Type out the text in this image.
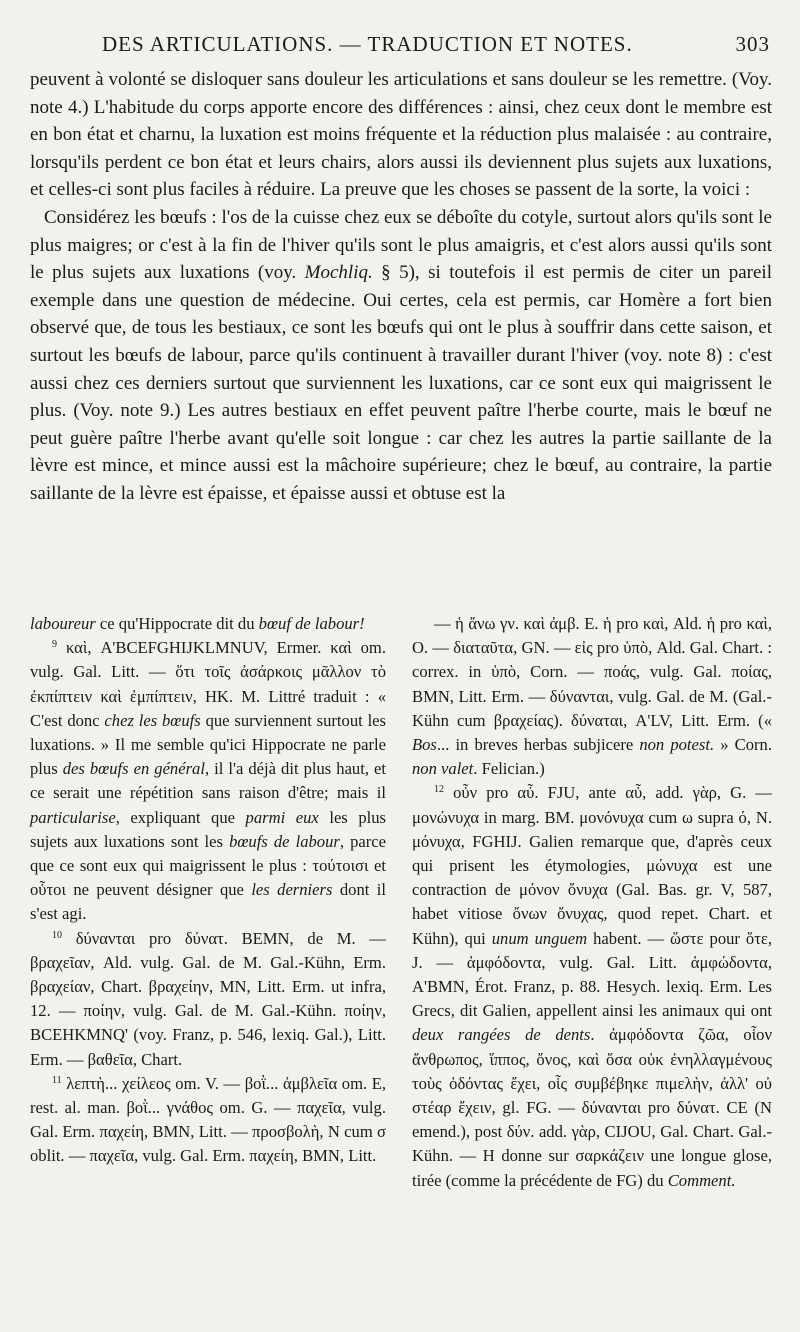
DES ARTICULATIONS. — TRADUCTION ET NOTES.	303

peuvent à volonté se disloquer sans douleur les articulations et sans douleur se les remettre. (Voy. note 4.) L'habitude du corps apporte encore des différences : ainsi, chez ceux dont le membre est en bon état et charnu, la luxation est moins fréquente et la réduction plus malaisée : au contraire, lorsqu'ils perdent ce bon état et leurs chairs, alors aussi ils deviennent plus sujets aux luxations, et celles-ci sont plus faciles à réduire. La preuve que les choses se passent de la sorte, la voici :

Considérez les bœufs : l'os de la cuisse chez eux se déboîte du cotyle, surtout alors qu'ils sont le plus maigres; or c'est à la fin de l'hiver qu'ils sont le plus amaigris, et c'est alors aussi qu'ils sont le plus sujets aux luxations (voy. Mochliq. § 5), si toutefois il est permis de citer un pareil exemple dans une question de médecine. Oui certes, cela est permis, car Homère a fort bien observé que, de tous les bestiaux, ce sont les bœufs qui ont le plus à souffrir dans cette saison, et surtout les bœufs de labour, parce qu'ils continuent à travailler durant l'hiver (voy. note 8) : c'est aussi chez ces derniers surtout que surviennent les luxations, car ce sont eux qui maigrissent le plus. (Voy. note 9.) Les autres bestiaux en effet peuvent paître l'herbe courte, mais le bœuf ne peut guère paître l'herbe avant qu'elle soit longue : car chez les autres la partie saillante de la lèvre est mince, et mince aussi est la mâchoire supérieure; chez le bœuf, au contraire, la partie saillante de la lèvre est épaisse, et épaisse aussi et obtuse est la

laboureur ce qu'Hippocrate dit du bœuf de labour!

$^9$ καὶ, A'BCEFGHIJKLMNUV, Ermer. καὶ om. vulg. Gal. Litt. — ὅτι τοῖς ἀσάρκοις μᾶλλον τὸ ἐκπίπτειν καὶ ἐμπίπτειν, HK. M. Littré traduit : « C'est donc chez les bœufs que surviennent surtout les luxations. » Il me semble qu'ici Hippocrate ne parle plus des bœufs en général, il l'a déjà dit plus haut, et ce serait une répétition sans raison d'être; mais il particularise, expliquant que parmi eux les plus sujets aux luxations sont les bœufs de labour, parce que ce sont eux qui maigrissent le plus : τούτοισι et οὗτοι ne peuvent désigner que les derniers dont il s'est agi.

$^{10}$ δύνανται pro δύνατ. BEMN, de M. — βραχεῖαν, Ald. vulg. Gal. de M. Gal.-Kühn, Erm. βραχείαν, Chart. βραχείην, MN, Litt. Erm. ut infra, 12. — ποίην, vulg. Gal. de M. Gal.-Kühn. ποίην, BCEHKMNQ' (voy. Franz, p. 546, lexiq. Gal.), Litt. Erm. — βαθεῖα, Chart.

$^{11}$ λεπτὴ... χείλεος om. V. — βοῒ... ἀμβλεῖα om. E, rest. al. man. βοῒ... γνάθος om. G. — παχεῖα, vulg. Gal. Erm. παχείη, BMN, Litt. — προσβολὴ, N cum σ oblit. — παχεῖα, vulg. Gal. Erm. παχείη, BMN, Litt.

— ἡ ἄνω γν. καὶ ἀμβ. E. ἡ pro καὶ, Ald. ἡ pro καὶ, O. — διαταῦτα, GN. — εἰς pro ὑπὸ, Ald. Gal. Chart. : correx. in ὑπὸ, Corn. — ποάς, vulg. Gal. ποίας, BMN, Litt. Erm. — δύνανται, vulg. Gal. de M. (Gal.-Kühn cum βραχείας). δύναται, A'LV, Litt. Erm. (« Bos... in breves herbas subjicere non potest. » Corn. non valet. Felician.)

$^{12}$ οὖν pro αὖ. FJU, ante αὖ, add. γὰρ, G. — μονώνυχα in marg. BM. μονόνυχα cum ω supra ό, N. μόνυχα, FGHIJ. Galien remarque que, d'après ceux qui prisent les étymologies, μώνυχα est une contraction de μόνον ὄνυχα (Gal. Bas. gr. V, 587, habet vitiose ὄνων ὄνυχας, quod repet. Chart. et Kühn), qui unum unguem habent. — ὥστε pour ὅτε, J. — ἀμφόδοντα, vulg. Gal. Litt. ἀμφώδοντα, A'BMN, Érot. Franz, p. 88. Hesych. lexiq. Erm. Les Grecs, dit Galien, appellent ainsi les animaux qui ont deux rangées de dents. ἀμφόδοντα ζῶα, οἷον ἄνθρωπος, ἵππος, ὄνος, καὶ ὅσα οὐκ ἐνηλλαγμένους τοὺς ὀδόντας ἔχει, οἷς συμβέβηκε πιμελὴν, ἀλλ' οὐ στέαρ ἔχειν, gl. FG. — δύνανται pro δύνατ. CE (N emend.), post δύν. add. γὰρ, CIJOU, Gal. Chart. Gal.-Kühn. — H donne sur σαρκάζειν une longue glose, tirée (comme la précédente de FG) du Comment.
